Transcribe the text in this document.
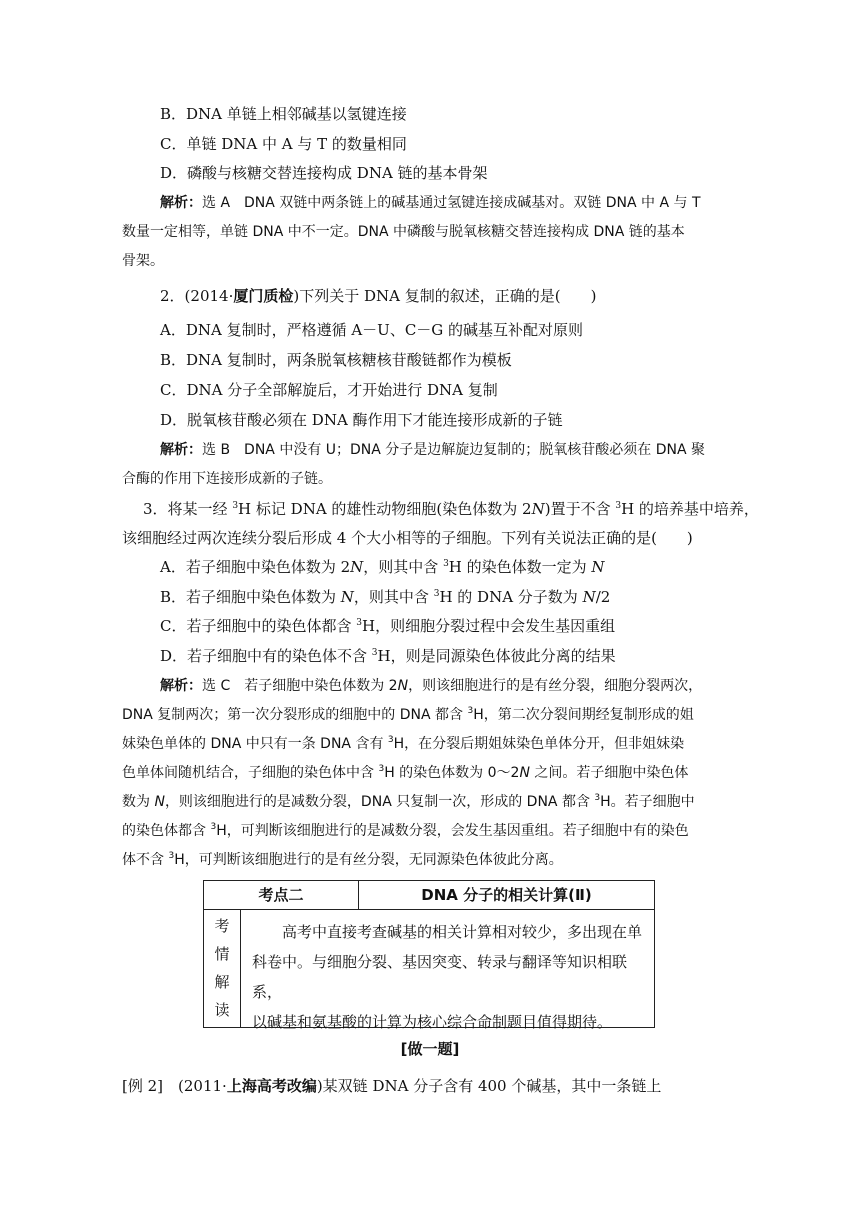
B．DNA 单链上相邻碱基以氢键连接
C．单链 DNA 中 A 与 T 的数量相同
D．磷酸与核糖交替连接构成 DNA 链的基本骨架
解析：选 A　DNA 双链中两条链上的碱基通过氢键连接成碱基对。双链 DNA 中 A 与 T
数量一定相等，单链 DNA 中不一定。DNA 中磷酸与脱氧核糖交替连接构成 DNA 链的基本
骨架。
2．(2014·厦门质检)下列关于 DNA 复制的叙述，正确的是(　　)
A．DNA 复制时，严格遵循 A－U、C－G 的碱基互补配对原则
B．DNA 复制时，两条脱氧核糖核苷酸链都作为模板
C．DNA 分子全部解旋后，才开始进行 DNA 复制
D．脱氧核苷酸必须在 DNA 酶作用下才能连接形成新的子链
解析：选 B　DNA 中没有 U；DNA 分子是边解旋边复制的；脱氧核苷酸必须在 DNA 聚
合酶的作用下连接形成新的子链。
3．将某一经 $^3$H 标记 DNA 的雄性动物细胞(染色体数为 2N)置于不含 $^3$H 的培养基中培养，
该细胞经过两次连续分裂后形成 4 个大小相等的子细胞。下列有关说法正确的是(　　)
A．若子细胞中染色体数为 2N，则其中含 $^3$H 的染色体数一定为 N
B．若子细胞中染色体数为 N，则其中含 $^3$H 的 DNA 分子数为 N/2
C．若子细胞中的染色体都含 $^3$H，则细胞分裂过程中会发生基因重组
D．若子细胞中有的染色体不含 $^3$H，则是同源染色体彼此分离的结果
解析：选 C　若子细胞中染色体数为 2N，则该细胞进行的是有丝分裂，细胞分裂两次，
DNA 复制两次；第一次分裂形成的细胞中的 DNA 都含 $^3$H，第二次分裂间期经复制形成的姐
妹染色单体的 DNA 中只有一条 DNA 含有 $^3$H，在分裂后期姐妹染色单体分开，但非姐妹染
色单体间随机结合，子细胞的染色体中含 $^3$H 的染色体数为 0～2N 之间。若子细胞中染色体
数为 N，则该细胞进行的是减数分裂，DNA 只复制一次，形成的 DNA 都含 $^3$H。若子细胞中
的染色体都含 $^3$H，可判断该细胞进行的是减数分裂，会发生基因重组。若子细胞中有的染色
体不含 $^3$H，可判断该细胞进行的是有丝分裂，无同源染色体彼此分离。
考点二	DNA 分子的相关计算(Ⅱ)
考
情
解
读
　　高考中直接考查碱基的相关计算相对较少，多出现在单
科卷中。与细胞分裂、基因突变、转录与翻译等知识相联系，
以碱基和氨基酸的计算为核心综合命制题目值得期待。
[做一题]
[例 2]　(2011·上海高考改编)某双链 DNA 分子含有 400 个碱基，其中一条链上
